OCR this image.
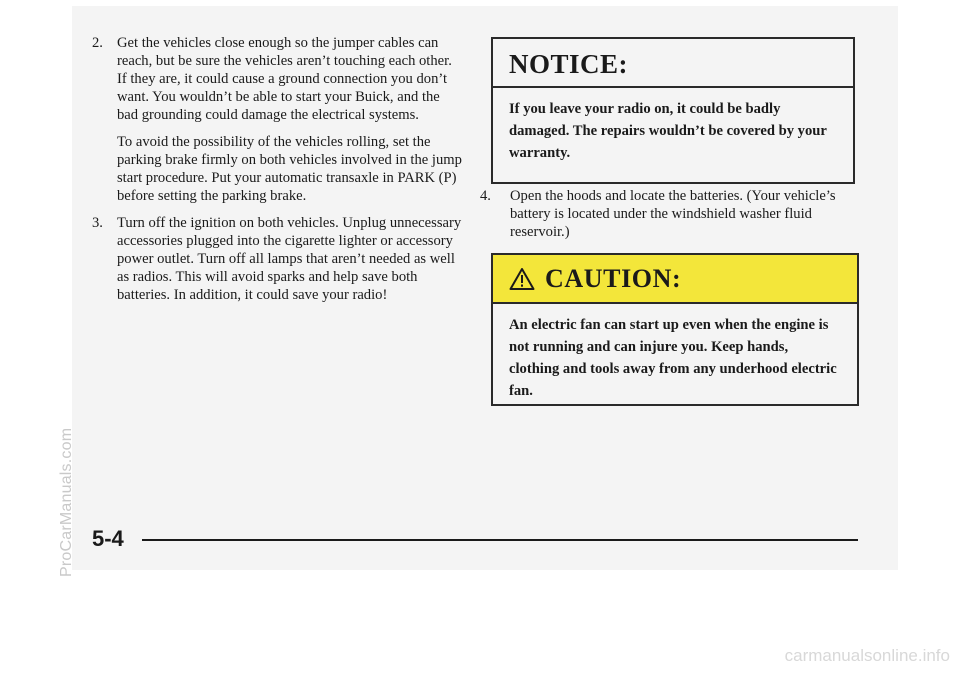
ProCarManuals.com
2. Get the vehicles close enough so the jumper cables can reach, but be sure the vehicles aren’t touching each other. If they are, it could cause a ground connection you don’t want. You wouldn’t be able to start your Buick, and the bad grounding could damage the electrical systems.

To avoid the possibility of the vehicles rolling, set the parking brake firmly on both vehicles involved in the jump start procedure. Put your automatic transaxle in PARK (P) before setting the parking brake.

3. Turn off the ignition on both vehicles. Unplug unnecessary accessories plugged into the cigarette lighter or accessory power outlet. Turn off all lamps that aren’t needed as well as radios. This will avoid sparks and help save both batteries. In addition, it could save your radio!

NOTICE:
If you leave your radio on, it could be badly damaged. The repairs wouldn’t be covered by your warranty.
4.	Open the hoods and locate the batteries. (Your vehicle’s battery is located under the windshield washer fluid reservoir.)
CAUTION:
An electric fan can start up even when the engine is not running and can injure you. Keep hands, clothing and tools away from any underhood electric fan.
5-4
carmanualsonline.info
